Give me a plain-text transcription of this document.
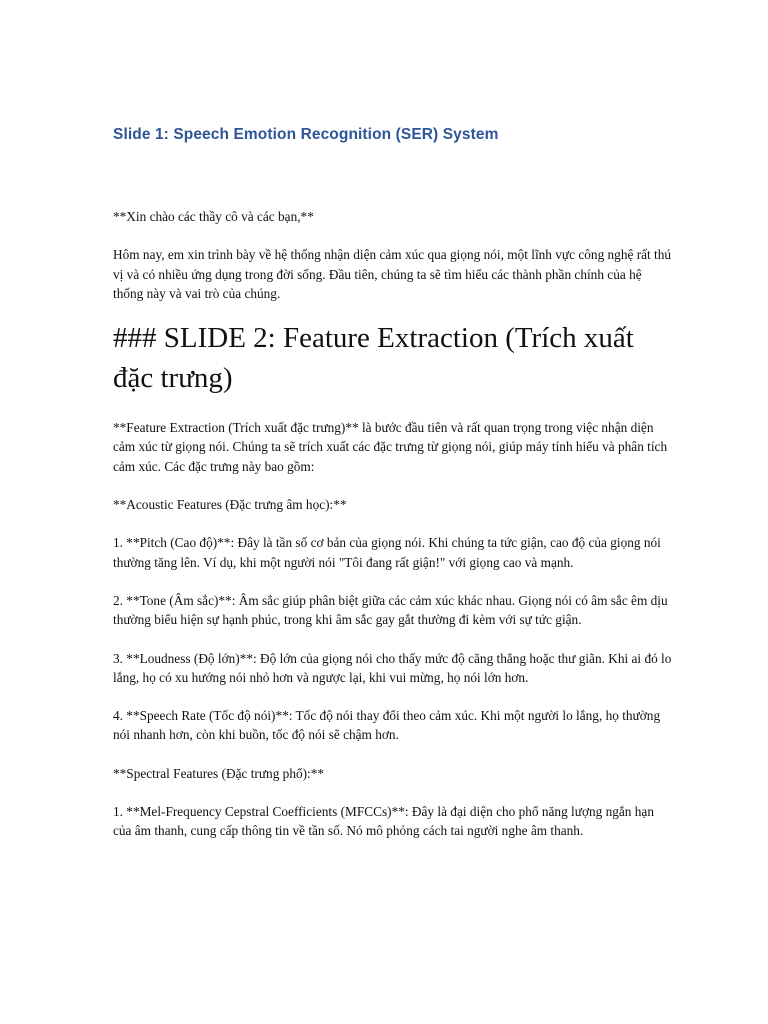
Slide 1: Speech Emotion Recognition (SER) System

**Xin chào các thầy cô và các bạn,**

Hôm nay, em xin trình bày về hệ thống nhận diện cảm xúc qua giọng nói, một lĩnh vực công nghệ rất thú vị và có nhiều ứng dụng trong đời sống. Đầu tiên, chúng ta sẽ tìm hiểu các thành phần chính của hệ thống này và vai trò của chúng.

### SLIDE 2: Feature Extraction (Trích xuất đặc trưng)

**Feature Extraction (Trích xuất đặc trưng)** là bước đầu tiên và rất quan trọng trong việc nhận diện cảm xúc từ giọng nói. Chúng ta sẽ trích xuất các đặc trưng từ giọng nói, giúp máy tính hiểu và phân tích cảm xúc. Các đặc trưng này bao gồm:

**Acoustic Features (Đặc trưng âm học):**

1. **Pitch (Cao độ)**: Đây là tần số cơ bản của giọng nói. Khi chúng ta tức giận, cao độ của giọng nói thường tăng lên. Ví dụ, khi một người nói "Tôi đang rất giận!" với giọng cao và mạnh.

2. **Tone (Âm sắc)**: Âm sắc giúp phân biệt giữa các cảm xúc khác nhau. Giọng nói có âm sắc êm dịu thường biểu hiện sự hạnh phúc, trong khi âm sắc gay gắt thường đi kèm với sự tức giận.

3. **Loudness (Độ lớn)**: Độ lớn của giọng nói cho thấy mức độ căng thẳng hoặc thư giãn. Khi ai đó lo lắng, họ có xu hướng nói nhỏ hơn và ngược lại, khi vui mừng, họ nói lớn hơn.

4. **Speech Rate (Tốc độ nói)**: Tốc độ nói thay đổi theo cảm xúc. Khi một người lo lắng, họ thường nói nhanh hơn, còn khi buồn, tốc độ nói sẽ chậm hơn.

**Spectral Features (Đặc trưng phổ):**

1. **Mel-Frequency Cepstral Coefficients (MFCCs)**: Đây là đại diện cho phổ năng lượng ngắn hạn của âm thanh, cung cấp thông tin về tần số. Nó mô phỏng cách tai người nghe âm thanh.
